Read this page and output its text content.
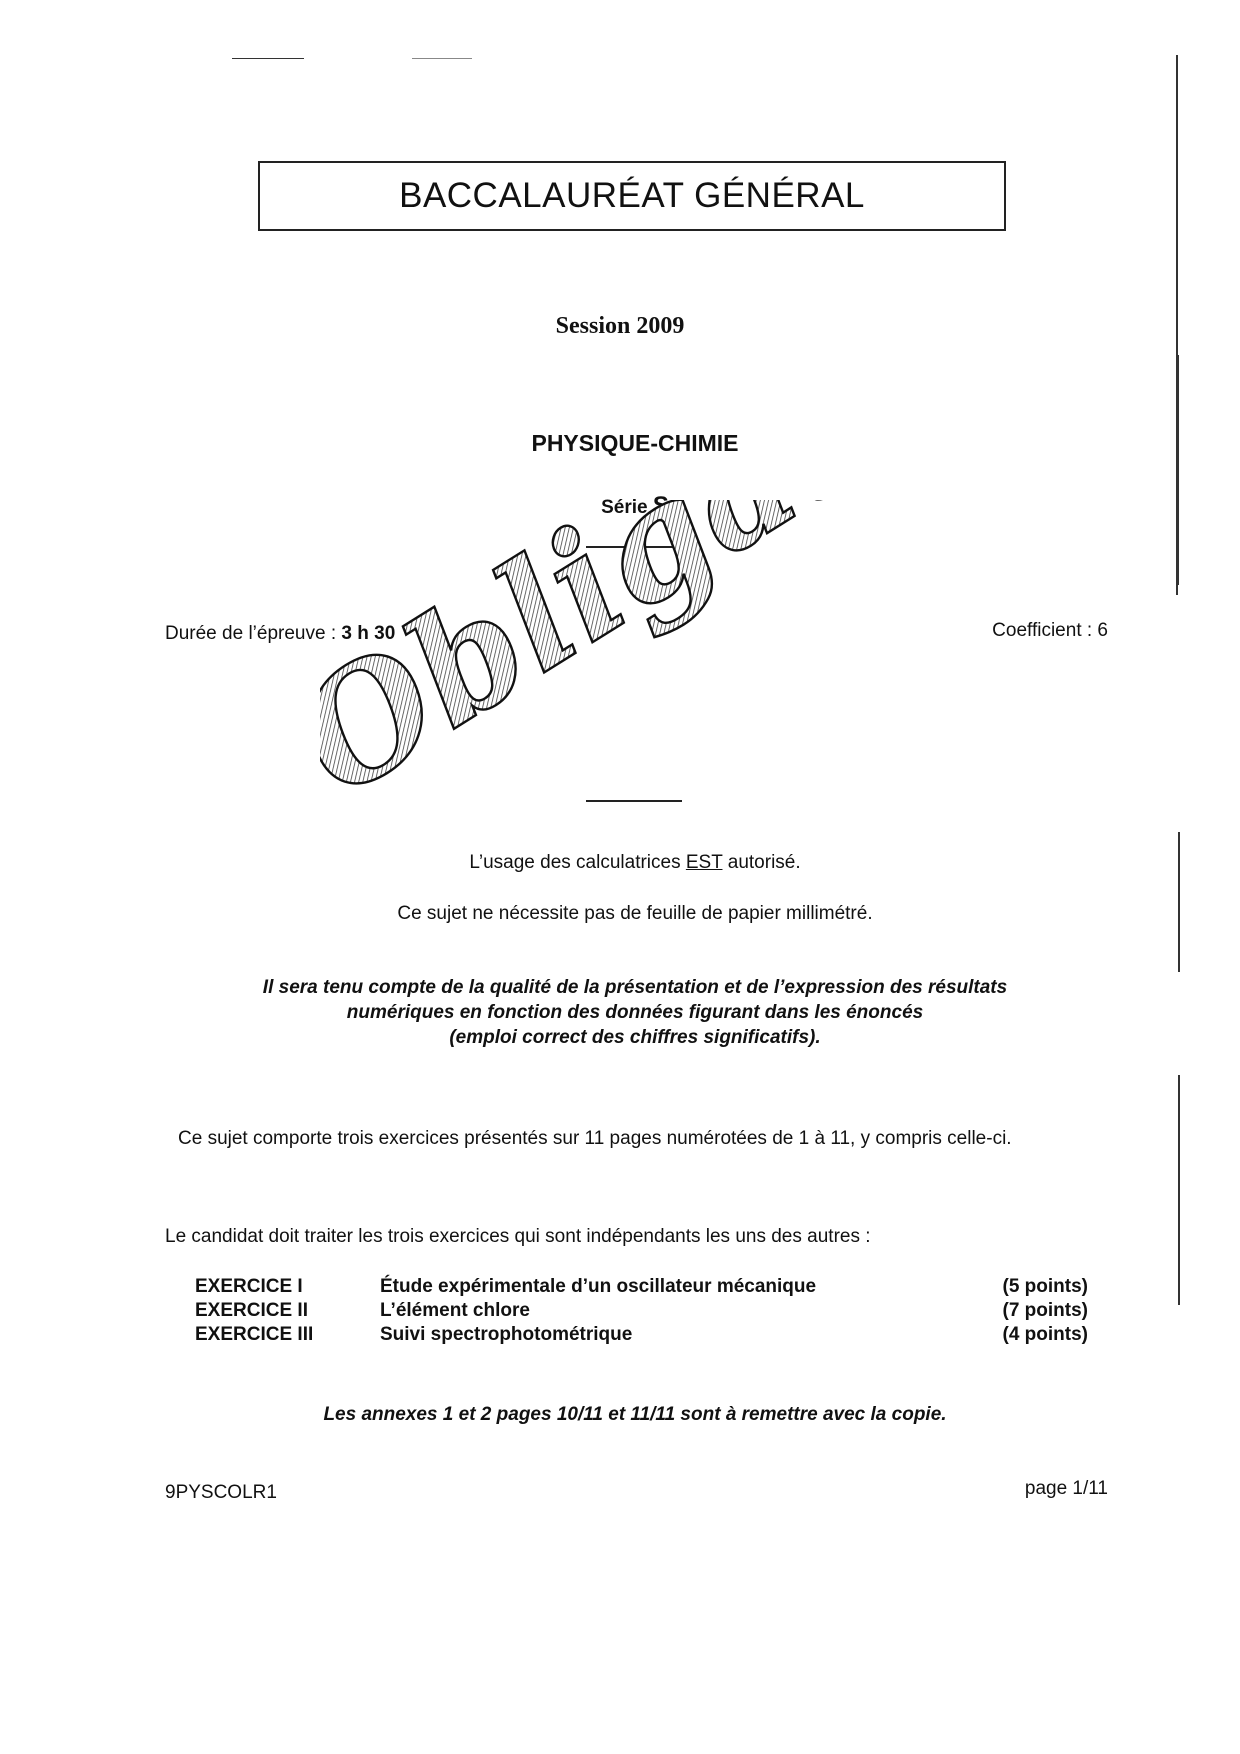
BACCALAURÉAT GÉNÉRAL
Session 2009
PHYSIQUE-CHIMIE
Série S
Durée de l’épreuve : 3 h 30	Coefficient : 6
Obligatoire
L’usage des calculatrices EST autorisé.
Ce sujet ne nécessite pas de feuille de papier millimétré.
Il sera tenu compte de la qualité de la présentation et de l’expression des résultats
numériques en fonction des données figurant dans les énoncés
(emploi correct des chiffres significatifs).
Ce sujet comporte trois exercices présentés sur 11 pages numérotées de 1 à 11, y compris celle-ci.
Le candidat doit traiter les trois exercices qui sont indépendants les uns des autres :
EXERCICE I	Étude expérimentale d’un oscillateur mécanique	(5 points)
EXERCICE II	L’élément chlore	(7 points)
EXERCICE III	Suivi spectrophotométrique	(4 points)
Les annexes 1 et 2 pages 10/11 et 11/11 sont à remettre avec la copie.
9PYSCOLR1	page 1/11
